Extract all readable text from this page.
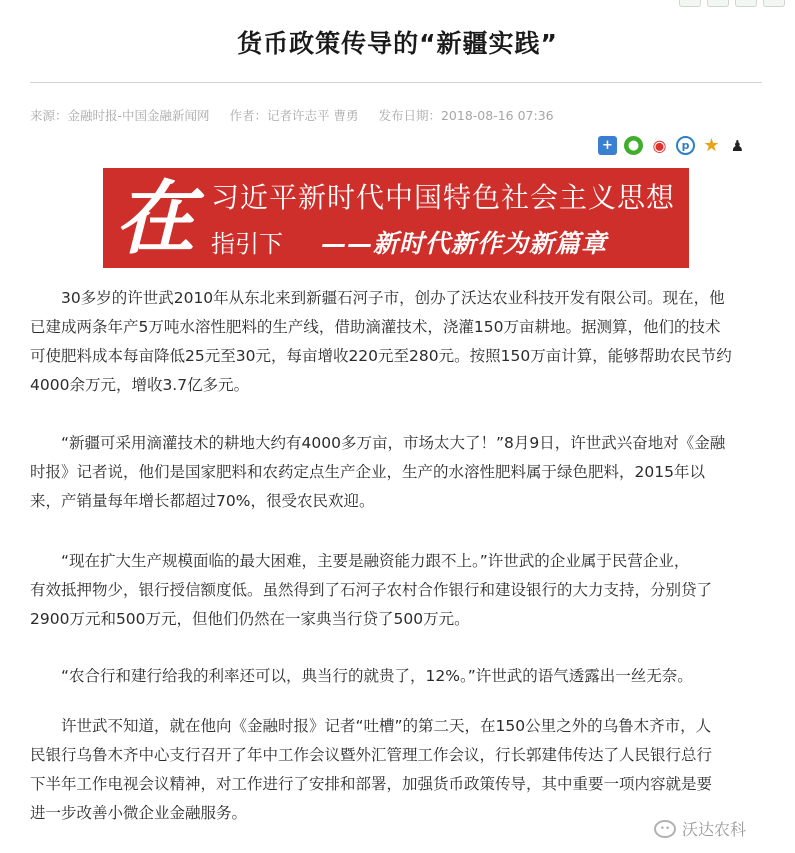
货币政策传导的“新疆实践”
来源：金融时报-中国金融新闻网 作者：记者许志平 曹勇 发布日期：2018-08-16 07:36
+	● ◉	p ★ ♟
在 习近平新时代中国特色社会主义思想
指引下 ——新时代新作为新篇章
30多岁的许世武2010年从东北来到新疆石河子市，创办了沃达农业科技开发有限公司。现在，他
已建成两条年产5万吨水溶性肥料的生产线，借助滴灌技术，浇灌150万亩耕地。据测算，他们的技术
可使肥料成本每亩降低25元至30元，每亩增收220元至280元。按照150万亩计算，能够帮助农民节约
4000余万元，增收3.7亿多元。
“新疆可采用滴灌技术的耕地大约有4000多万亩，市场太大了！”8月9日，许世武兴奋地对《金融
时报》记者说，他们是国家肥料和农药定点生产企业，生产的水溶性肥料属于绿色肥料，2015年以
来，产销量每年增长都超过70%，很受农民欢迎。
“现在扩大生产规模面临的最大困难，主要是融资能力跟不上。”许世武的企业属于民营企业，
有效抵押物少，银行授信额度低。虽然得到了石河子农村合作银行和建设银行的大力支持，分别贷了
2900万元和500万元，但他们仍然在一家典当行贷了500万元。
“农合行和建行给我的利率还可以，典当行的就贵了，12%。”许世武的语气透露出一丝无奈。
许世武不知道，就在他向《金融时报》记者“吐槽”的第二天，在150公里之外的乌鲁木齐市，人
民银行乌鲁木齐中心支行召开了年中工作会议暨外汇管理工作会议，行长郭建伟传达了人民银行总行
下半年工作电视会议精神，对工作进行了安排和部署，加强货币政策传导，其中重要一项内容就是要
进一步改善小微企业金融服务。
•• 沃达农科
